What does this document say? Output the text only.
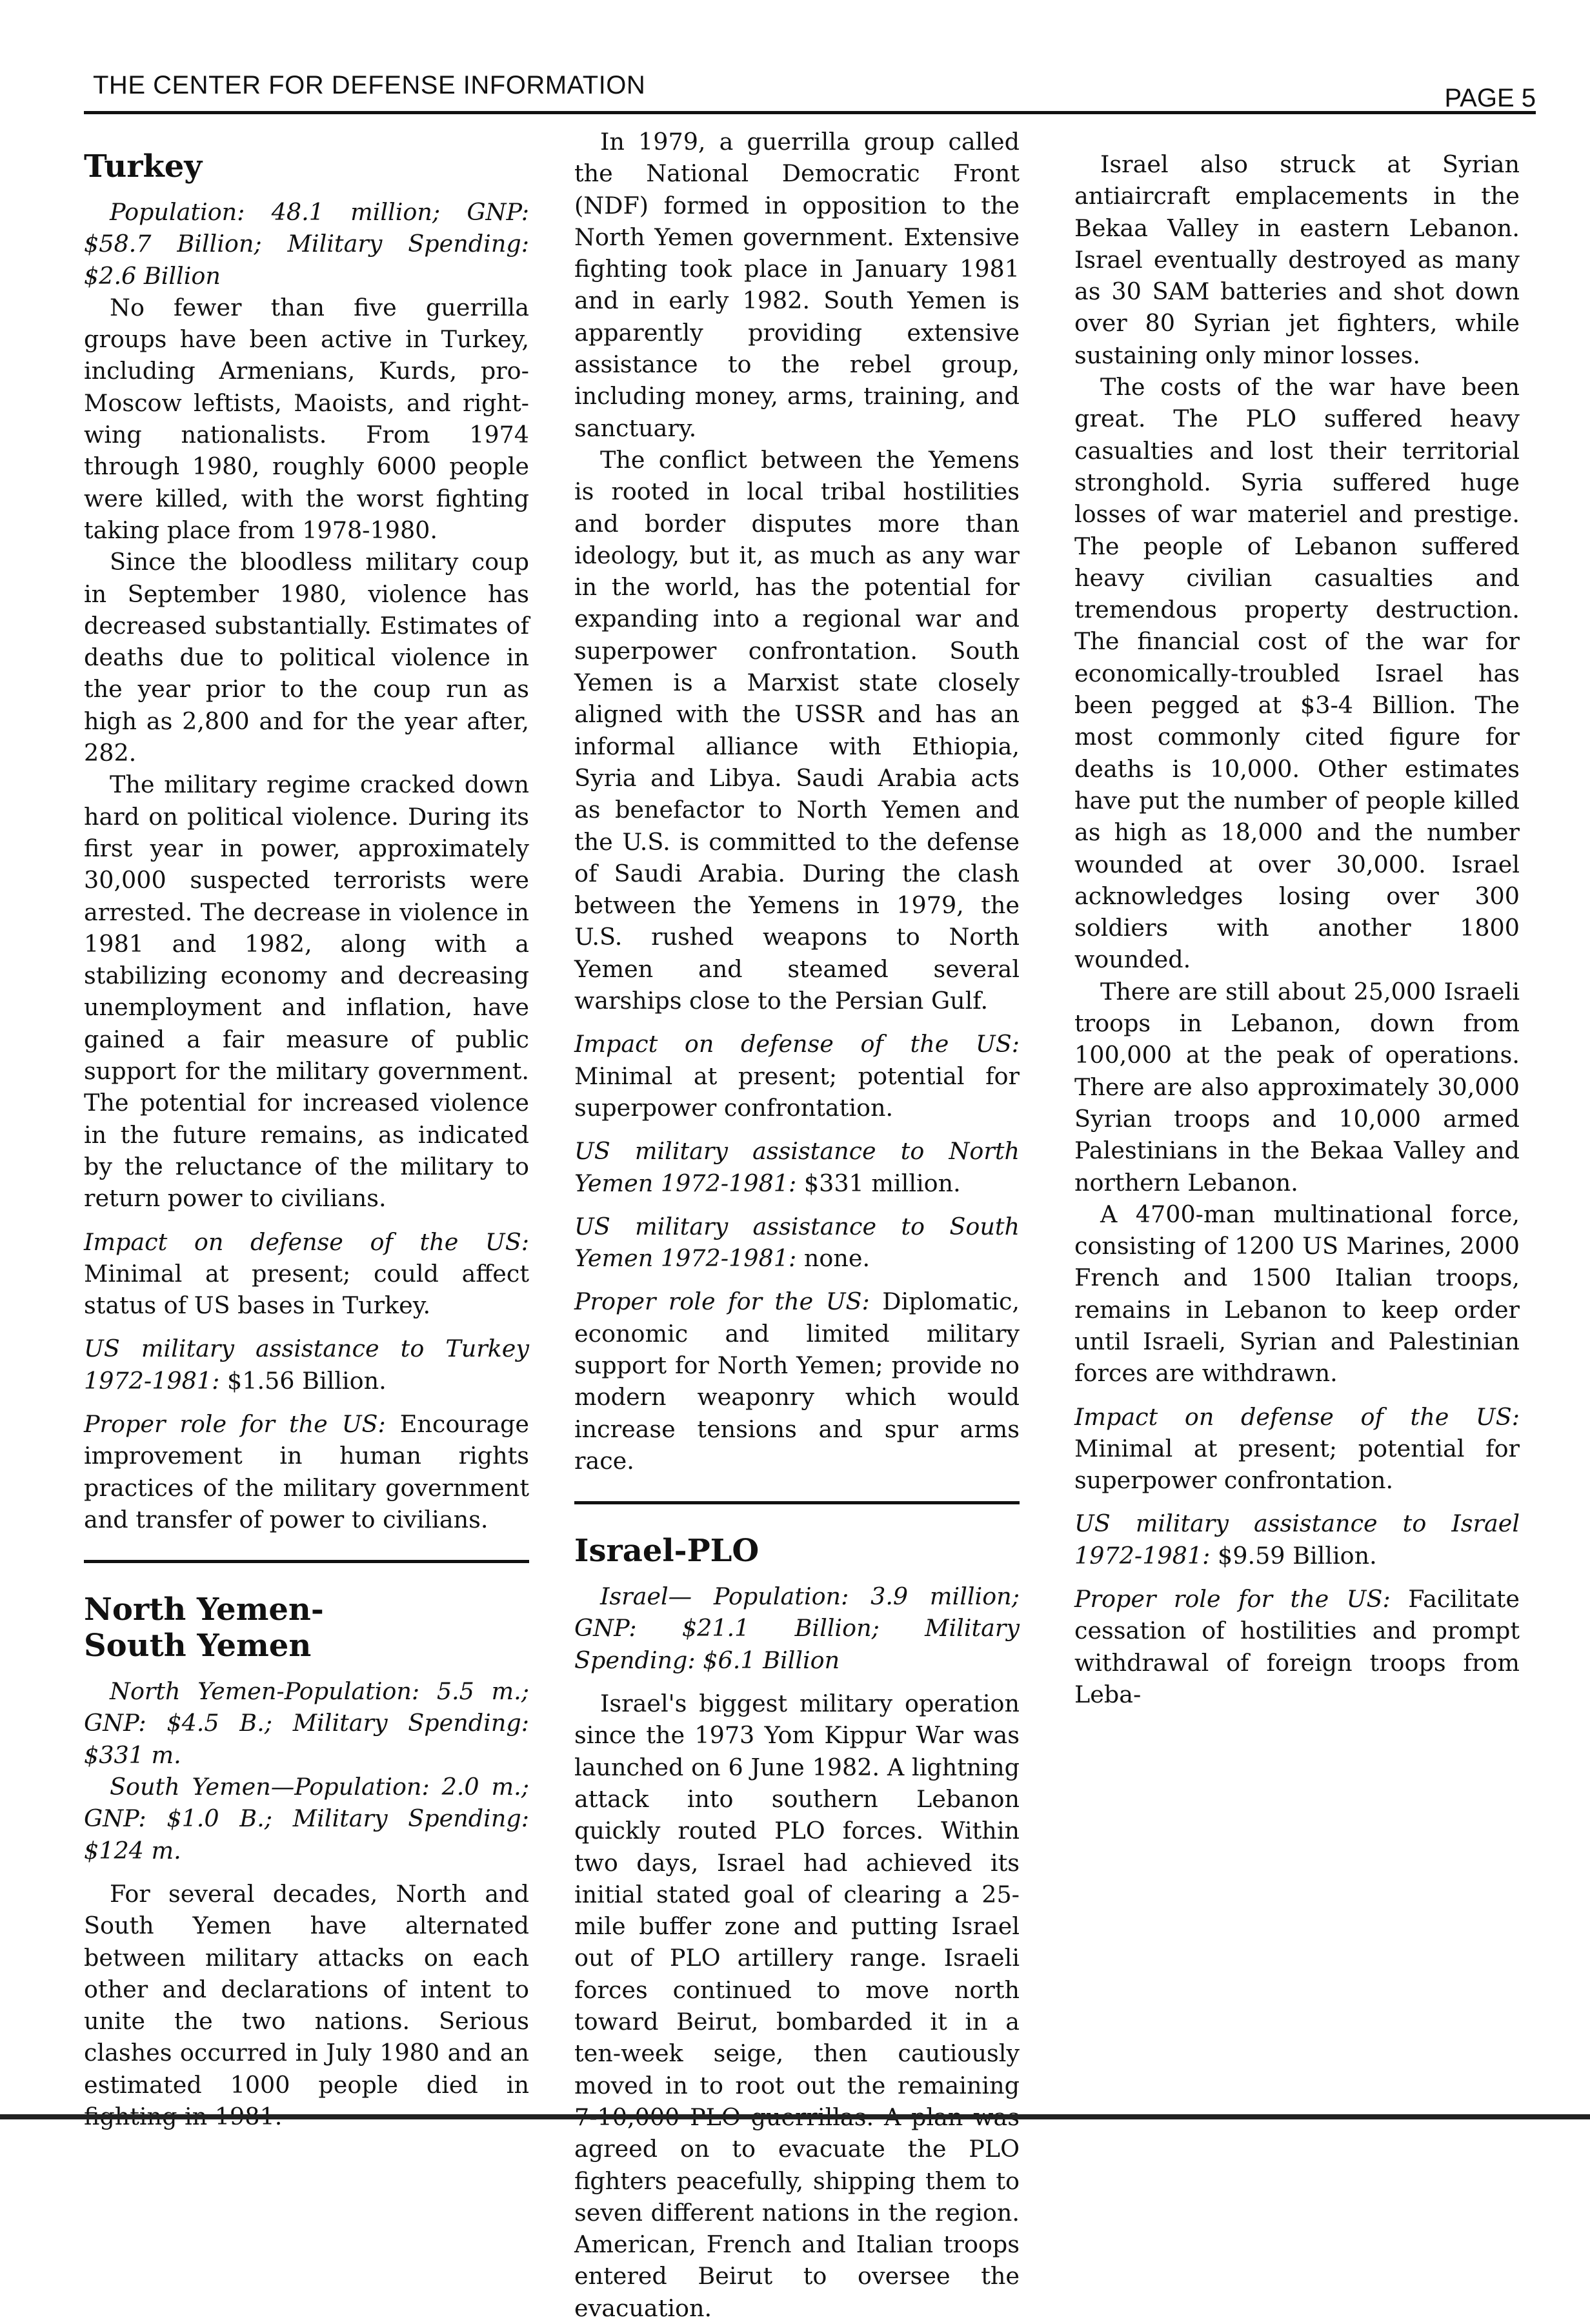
THE CENTER FOR DEFENSE INFORMATION	PAGE 5
Turkey

Population: 48.1 million; GNP: $58.7 Billion; Military Spending: $2.6 Billion

No fewer than five guerrilla groups have been active in Turkey, including Armenians, Kurds, pro-Moscow leftists, Maoists, and right-wing nationalists. From 1974 through 1980, roughly 6000 people were killed, with the worst fighting taking place from 1978-1980.

Since the bloodless military coup in September 1980, violence has decreased substantially. Estimates of deaths due to political violence in the year prior to the coup run as high as 2,800 and for the year after, 282.

The military regime cracked down hard on political violence. During its first year in power, approximately 30,000 suspected terrorists were arrested. The decrease in violence in 1981 and 1982, along with a stabilizing economy and decreasing unemployment and inflation, have gained a fair measure of public support for the military government. The potential for increased violence in the future remains, as indicated by the reluctance of the military to return power to civilians.

Impact on defense of the US: Minimal at present; could affect status of US bases in Turkey.

US military assistance to Turkey 1972-1981: $1.56 Billion.

Proper role for the US: Encourage improvement in human rights practices of the military government and transfer of power to civilians.

North Yemen-
South Yemen

North Yemen-Population: 5.5 m.; GNP: $4.5 B.; Military Spending: $331 m.

South Yemen—Population: 2.0 m.; GNP: $1.0 B.; Military Spending: $124 m.

For several decades, North and South Yemen have alternated between military attacks on each other and declarations of intent to unite the two nations. Serious clashes occurred in July 1980 and an estimated 1000 people died in fighting in 1981.

In 1979, a guerrilla group called the National Democratic Front (NDF) formed in opposition to the North Yemen government. Extensive fighting took place in January 1981 and in early 1982. South Yemen is apparently providing extensive assistance to the rebel group, including money, arms, training, and sanctuary.

The conflict between the Yemens is rooted in local tribal hostilities and border disputes more than ideology, but it, as much as any war in the world, has the potential for expanding into a regional war and superpower confrontation. South Yemen is a Marxist state closely aligned with the USSR and has an informal alliance with Ethiopia, Syria and Libya. Saudi Arabia acts as benefactor to North Yemen and the U.S. is committed to the defense of Saudi Arabia. During the clash between the Yemens in 1979, the U.S. rushed weapons to North Yemen and steamed several warships close to the Persian Gulf.

Impact on defense of the US: Minimal at present; potential for superpower confrontation.

US military assistance to North Yemen 1972-1981: $331 million.

US military assistance to South Yemen 1972-1981: none.

Proper role for the US: Diplomatic, economic and limited military support for North Yemen; provide no modern weaponry which would increase tensions and spur arms race.

Israel-PLO

Israel— Population: 3.9 million; GNP: $21.1 Billion; Military Spending: $6.1 Billion

Israel's biggest military operation since the 1973 Yom Kippur War was launched on 6 June 1982. A lightning attack into southern Lebanon quickly routed PLO forces. Within two days, Israel had achieved its initial stated goal of clearing a 25-mile buffer zone and putting Israel out of PLO artillery range. Israeli forces continued to move north toward Beirut, bombarded it in a ten-week seige, then cautiously moved in to root out the remaining 7-10,000 PLO guerrillas. A plan was agreed on to evacuate the PLO fighters peacefully, shipping them to seven different nations in the region. American, French and Italian troops entered Beirut to oversee the evacuation.

Israel also struck at Syrian antiaircraft emplacements in the Bekaa Valley in eastern Lebanon. Israel eventually destroyed as many as 30 SAM batteries and shot down over 80 Syrian jet fighters, while sustaining only minor losses.

The costs of the war have been great. The PLO suffered heavy casualties and lost their territorial stronghold. Syria suffered huge losses of war materiel and prestige. The people of Lebanon suffered heavy civilian casualties and tremendous property destruction. The financial cost of the war for economically-troubled Israel has been pegged at $3-4 Billion. The most commonly cited figure for deaths is 10,000. Other estimates have put the number of people killed as high as 18,000 and the number wounded at over 30,000. Israel acknowledges losing over 300 soldiers with another 1800 wounded.

There are still about 25,000 Israeli troops in Lebanon, down from 100,000 at the peak of operations. There are also approximately 30,000 Syrian troops and 10,000 armed Palestinians in the Bekaa Valley and northern Lebanon.

A 4700-man multinational force, consisting of 1200 US Marines, 2000 French and 1500 Italian troops, remains in Lebanon to keep order until Israeli, Syrian and Palestinian forces are withdrawn.

Impact on defense of the US: Minimal at present; potential for superpower confrontation.

US military assistance to Israel 1972-1981: $9.59 Billion.

Proper role for the US: Facilitate cessation of hostilities and prompt withdrawal of foreign troops from Leba-
